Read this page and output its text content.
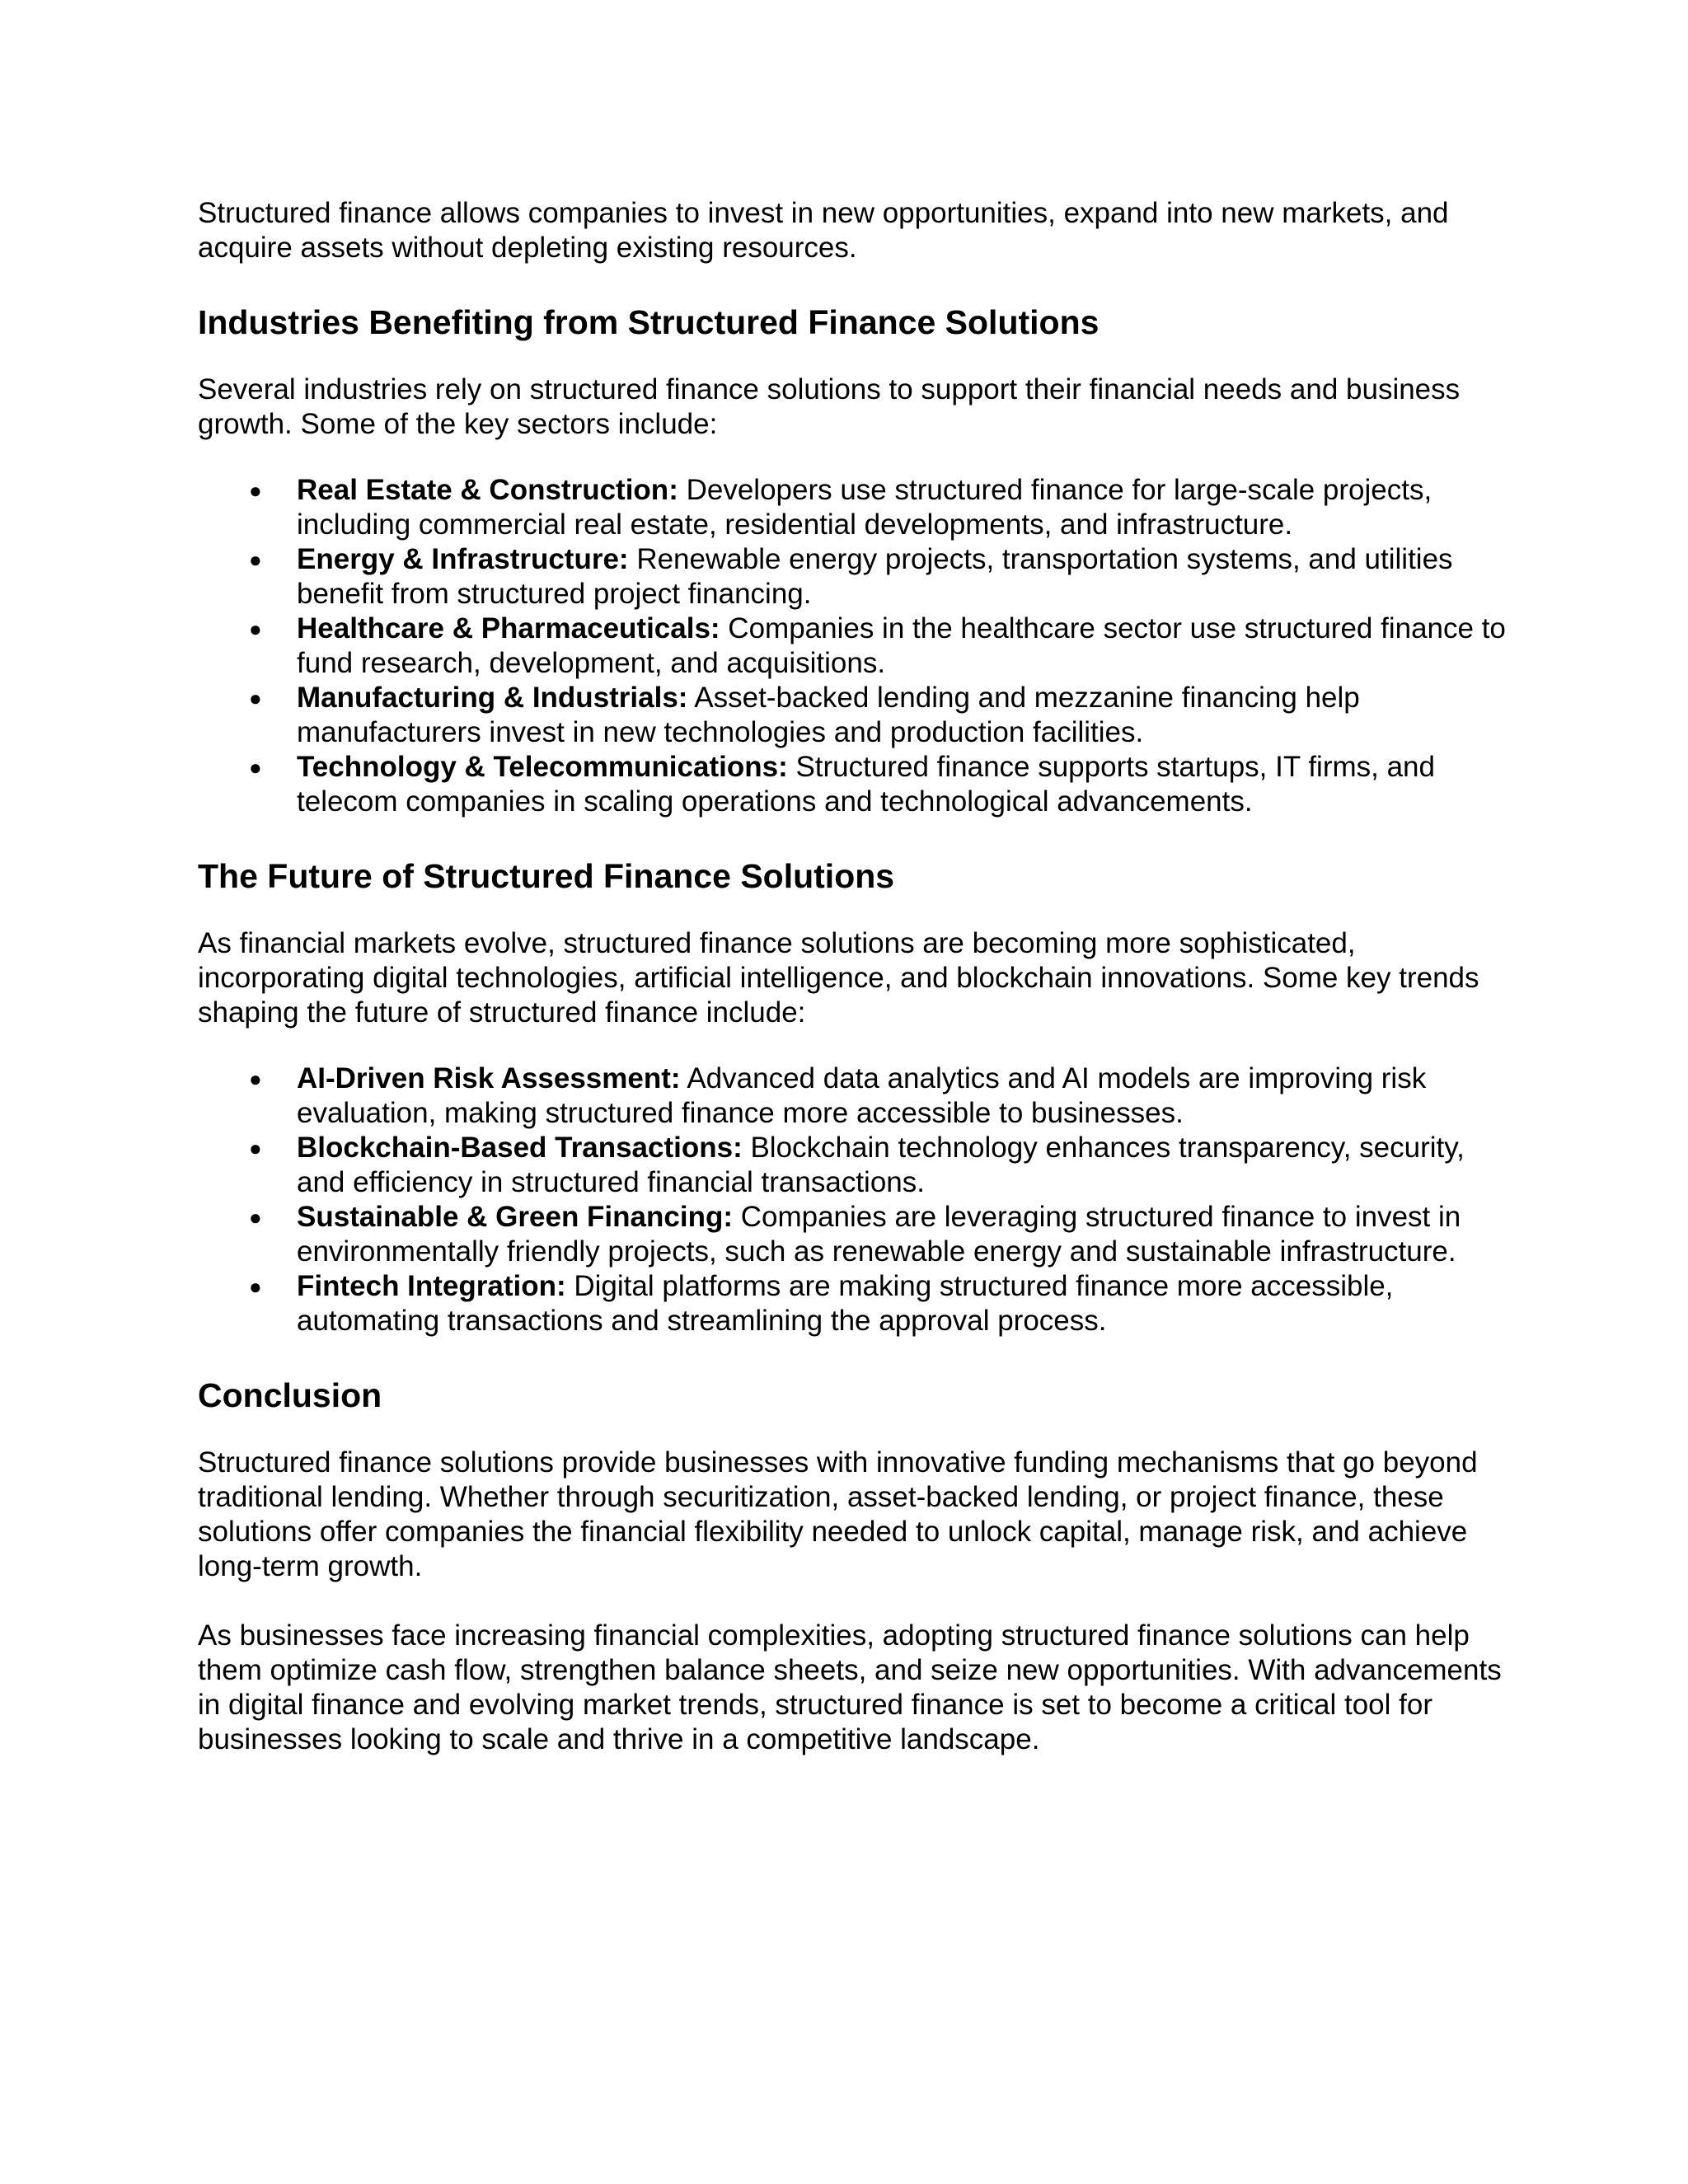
Structured finance allows companies to invest in new opportunities, expand into new markets, and acquire assets without depleting existing resources.

Industries Benefiting from Structured Finance Solutions

Several industries rely on structured finance solutions to support their financial needs and business growth. Some of the key sectors include:

● Real Estate & Construction: Developers use structured finance for large-scale projects, including commercial real estate, residential developments, and infrastructure.
● Energy & Infrastructure: Renewable energy projects, transportation systems, and utilities benefit from structured project financing.
● Healthcare & Pharmaceuticals: Companies in the healthcare sector use structured finance to fund research, development, and acquisitions.
● Manufacturing & Industrials: Asset-backed lending and mezzanine financing help manufacturers invest in new technologies and production facilities.
● Technology & Telecommunications: Structured finance supports startups, IT firms, and telecom companies in scaling operations and technological advancements.
The Future of Structured Finance Solutions

As financial markets evolve, structured finance solutions are becoming more sophisticated, incorporating digital technologies, artificial intelligence, and blockchain innovations. Some key trends shaping the future of structured finance include:

● AI-Driven Risk Assessment: Advanced data analytics and AI models are improving risk evaluation, making structured finance more accessible to businesses.
● Blockchain-Based Transactions: Blockchain technology enhances transparency, security, and efficiency in structured financial transactions.
● Sustainable & Green Financing: Companies are leveraging structured finance to invest in environmentally friendly projects, such as renewable energy and sustainable infrastructure.
● Fintech Integration: Digital platforms are making structured finance more accessible, automating transactions and streamlining the approval process.
Conclusion

Structured finance solutions provide businesses with innovative funding mechanisms that go beyond traditional lending. Whether through securitization, asset-backed lending, or project finance, these solutions offer companies the financial flexibility needed to unlock capital, manage risk, and achieve long-term growth.

As businesses face increasing financial complexities, adopting structured finance solutions can help them optimize cash flow, strengthen balance sheets, and seize new opportunities. With advancements in digital finance and evolving market trends, structured finance is set to become a critical tool for businesses looking to scale and thrive in a competitive landscape.
